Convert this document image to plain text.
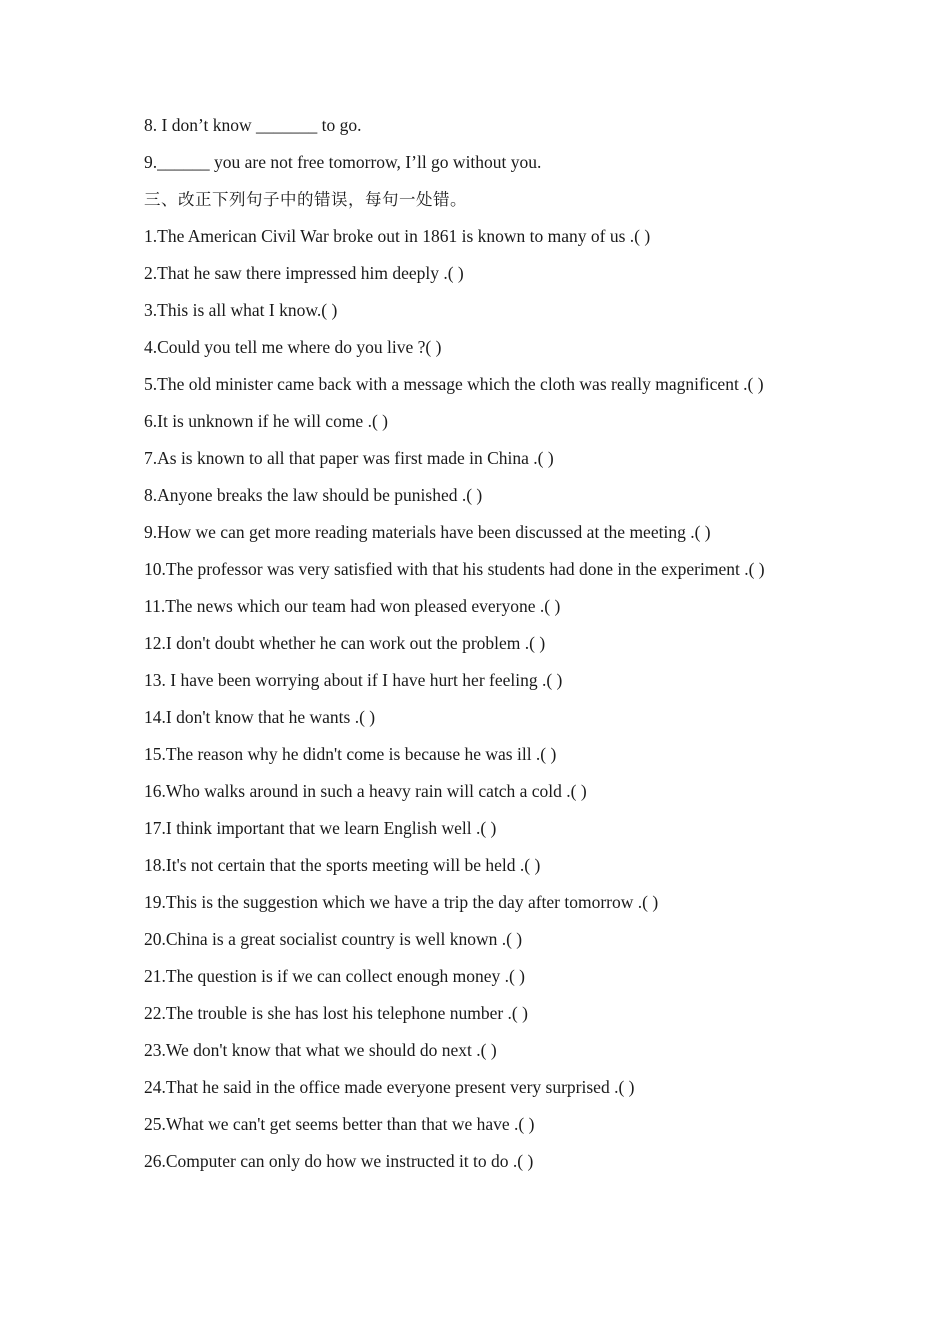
8. I don’t know _______ to go.

9.______ you are not free tomorrow, I’ll go without you.

三、改正下列句子中的错误，每句一处错。

1.The American Civil War broke out in 1861 is known to many of us .( )

2.That he saw there impressed him deeply .( )

3.This is all what I know.( )

4.Could you tell me where do you live ?( )

5.The old minister came back with a message which the cloth was really magnificent .( )

6.It is unknown if he will come .( )

7.As is known to all that paper was first made in China .( )

8.Anyone breaks the law should be punished .( )

9.How we can get more reading materials have been discussed at the meeting .( )

10.The professor was very satisfied with that his students had done in the experiment .( )

11.The news which our team had won pleased everyone .( )

12.I don't doubt whether he can work out the problem .( )

13. I have been worrying about if I have hurt her feeling .( )

14.I don't know that he wants .( )

15.The reason why he didn't come is because he was ill .( )

16.Who walks around in such a heavy rain will catch a cold .( )

17.I think important that we learn English well .( )

18.It's not certain that the sports meeting will be held .( )

19.This is the suggestion which we have a trip the day after tomorrow .( )

20.China is a great socialist country is well known .( )

21.The question is if we can collect enough money .( )

22.The trouble is she has lost his telephone number .( )

23.We don't know that what we should do next .( )

24.That he said in the office made everyone present very surprised .( )

25.What we can't get seems better than that we have .( )

26.Computer can only do how we instructed it to do .( )
